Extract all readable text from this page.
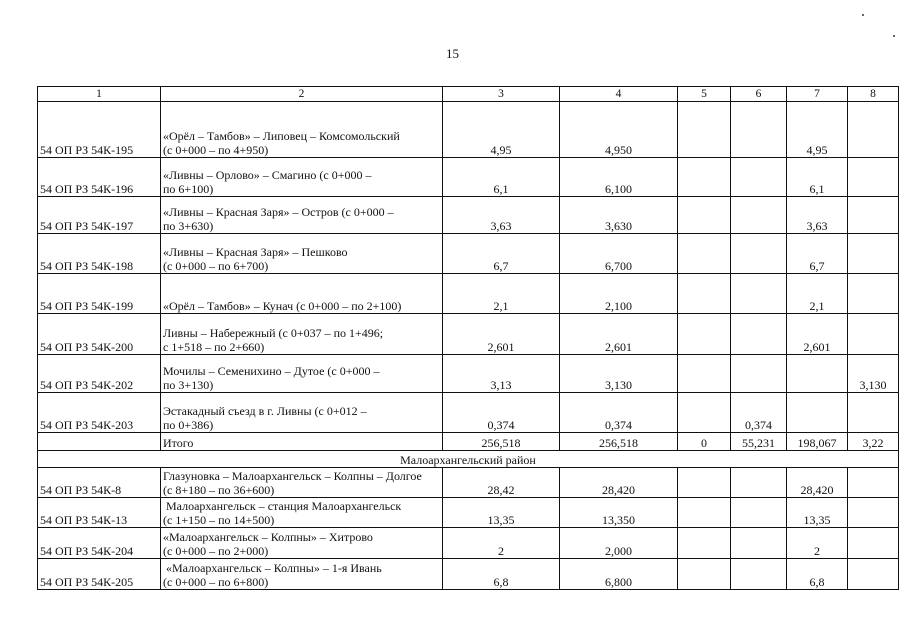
15
1	2	3	4	5	6	7	8
54 ОП РЗ 54К-195	«Орёл – Тамбов» – Липовец – Комсомольский
(с 0+000 – по 4+950)	4,95	4,950			4,95	
54 ОП РЗ 54К-196	«Ливны – Орлово» – Смагино (с 0+000 –
по 6+100)	6,1	6,100			6,1	
54 ОП РЗ 54К-197	«Ливны – Красная Заря» – Остров (с 0+000 –
по 3+630)	3,63	3,630			3,63	
54 ОП РЗ 54К-198	«Ливны – Красная Заря» – Пешково
(с 0+000 – по 6+700)	6,7	6,700			6,7	
54 ОП РЗ 54К-199	«Орёл – Тамбов» – Кунач (с 0+000 – по 2+100)	2,1	2,100			2,1	
54 ОП РЗ 54К-200	Ливны – Набережный (с 0+037 – по 1+496;
с 1+518 – по 2+660)	2,601	2,601			2,601	
54 ОП РЗ 54К-202	Мочилы – Семенихино – Дутое (с 0+000 –
по 3+130)	3,13	3,130				3,130
54 ОП РЗ 54К-203	Эстакадный съезд в г. Ливны (с 0+012 –
по 0+386)	0,374	0,374		0,374		

	Итого	256,518	256,518	0	55,231	198,067	3,22
Малоархангельский район							
54 ОП РЗ 54К-8	Глазуновка – Малоархангельск – Колпны – Долгое
(с 8+180 – по 36+600)	28,42	28,420			28,420	
54 ОП РЗ 54К-13	Малоархангельск – станция Малоархангельск
(с 1+150 – по 14+500)	13,35	13,350			13,35	
54 ОП РЗ 54К-204	«Малоархангельск – Колпны» – Хитрово
(с 0+000 – по 2+000)	2	2,000			2	
54 ОП РЗ 54К-205	«Малоархангельск – Колпны» – 1-я Ивань
(с 0+000 – по 6+800)	6,8	6,800			6,8	
